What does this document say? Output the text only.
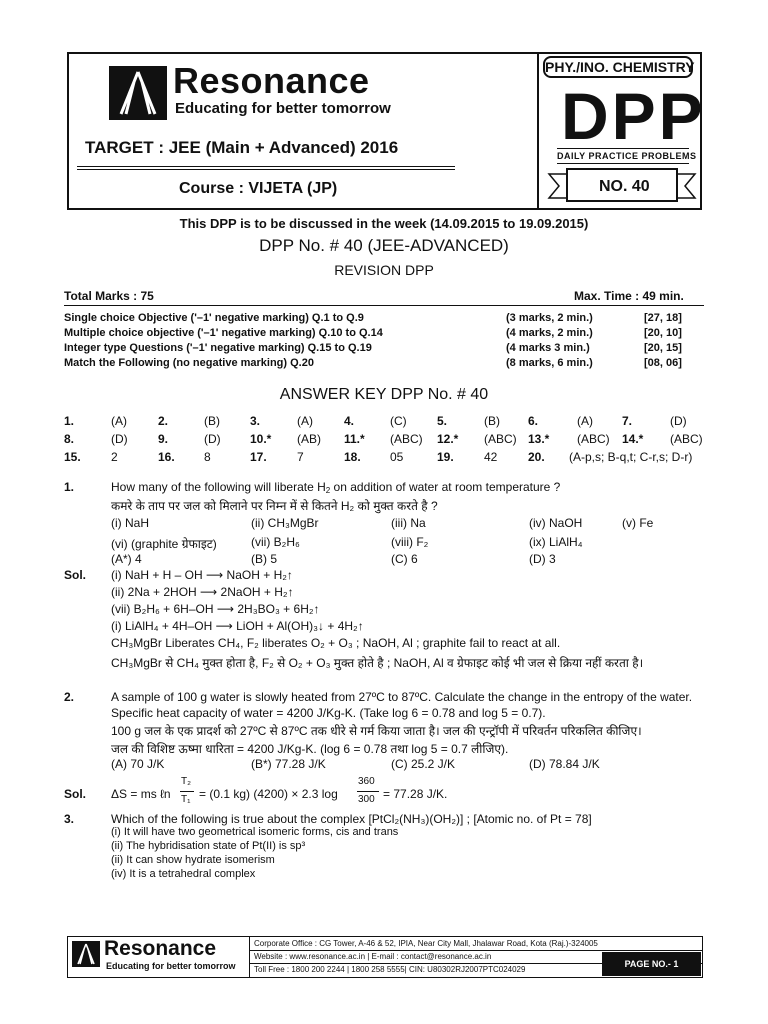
Resonance
Educating for better tomorrow
TARGET : JEE (Main + Advanced) 2016
Course : VIJETA (JP)
PHY./INO. CHEMISTRY
DPP
DAILY PRACTICE PROBLEMS
NO. 40
This DPP is to be discussed in the week (14.09.2015 to 19.09.2015)
DPP No. # 40 (JEE-ADVANCED)
REVISION DPP
Total Marks : 75	Max. Time : 49 min.
Single choice Objective ('–1' negative marking) Q.1 to Q.9	(3 marks, 2 min.)	[27, 18]
Multiple choice objective ('–1' negative marking) Q.10 to Q.14	(4 marks, 2 min.)	[20, 10]
Integer type Questions ('–1' negative marking) Q.15 to Q.19	(4 marks 3 min.)	[20, 15]
Match the Following (no negative marking) Q.20	(8 marks, 6 min.)	[08, 06]
ANSWER KEY DPP No. # 40
1.	(A)	2.	(B)	3.	(A)	4.	(C)	5.	(B) 6.	(A) 7.	(D)
8.	(D)	9.	(D) 10.* (AB) 11.* (ABC) 12.* (ABC) 13.* (ABC) 14.* (ABC)
15.	2	16. 8	17.	7	18. 05	19.	42	20. (A-p,s; B-q,t; C-r,s; D-r)
1.	How many of the following will liberate $H_2$ on addition of water at room temperature ?
कमरे के ताप पर जल को मिलाने पर निम्न में से कितने H₂ को मुक्त करते है ?
(i) NaH	(ii) CH₃MgBr	(iii) Na	(iv) NaOH	(v) Fe
(vi) (graphite ग्रेफाइट)	(vii) B₂H₆	(viii) F₂	(ix) LiAlH₄
(A*) 4	(B) 5	(C) 6	(D) 3
Sol. (i) NaH + H – OH ⟶ NaOH + H₂↑
(ii) 2Na + 2HOH ⟶ 2NaOH + H₂↑
(vii) B₂H₆ + 6H–OH ⟶ 2H₃BO₃ + 6H₂↑
(i) LiAlH₄ + 4H–OH ⟶ LiOH + Al(OH)₃↓ + 4H₂↑
CH₃MgBr Liberates CH₄, F₂ liberates O₂ + O₃ ; NaOH, Al ; graphite fail to react at all.
CH₃MgBr से CH₄ मुक्त होता है, F₂ से O₂ + O₃ मुक्त होते है ; NaOH, Al व ग्रेफाइट कोई भी जल से क्रिया नहीं करता है।
2.	A sample of 100 g water is slowly heated from 27ºC to 87ºC. Calculate the change in the entropy of the water.
Specific heat capacity of water = 4200 J/Kg-K. (Take log 6 = 0.78 and log 5 = 0.7).
100 g जल के एक प्रादर्श को 27ºC से 87ºC तक धीरे से गर्म किया जाता है। जल की एन्ट्रॉपी में परिवर्तन परिकलित कीजिए।
जल की विशिष्ट ऊष्मा धारिता = 4200 J/Kg-K. (log 6 = 0.78 तथा log 5 = 0.7 लीजिए).
(A) 70 J/K	(B*) 77.28 J/K	(C) 25.2 J/K	(D) 78.84 J/K
Sol. ΔS = ms ℓn
T₂
T₁ = (0.1 kg) (4200) × 2.3 log
360
300 = 77.28 J/K.
3.	Which of the following is true about the complex [PtCl₂(NH₃)(OH₂)] ; [Atomic no. of Pt = 78]
(i) It will have two geometrical isomeric forms, cis and trans
(ii) The hybridisation state of Pt(II) is sp³
(ii) It can show hydrate isomerism
(iv) It is a tetrahedral complex
Resonance
Educating for better tomorrow
Corporate Office : CG Tower, A-46 & 52, IPIA, Near City Mall, Jhalawar Road, Kota (Raj.)-324005
Website : www.resonance.ac.in | E-mail : contact@resonance.ac.in
Toll Free : 1800 200 2244 | 1800 258 5555| CIN: U80302RJ2007PTC024029
PAGE NO.- 1
